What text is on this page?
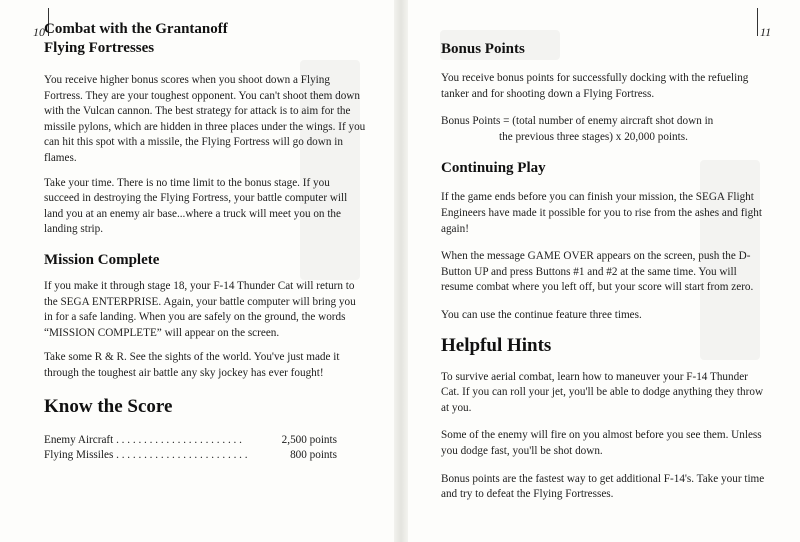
10	11
Combat with the Grantanoff
Flying Fortresses

You receive higher bonus scores when you shoot down a Flying Fortress. They are your toughest opponent. You can't shoot them down with the Vulcan cannon. The best strategy for attack is to aim for the missile pylons, which are hidden in three places under the wings. If you can hit this spot with a missile, the Flying Fortress will go down in flames.

Take your time. There is no time limit to the bonus stage. If you succeed in destroying the Flying Fortress, your battle computer will land you at an enemy air base...where a truck will meet you on the landing strip.

Mission Complete

If you make it through stage 18, your F-14 Thunder Cat will return to the SEGA ENTERPRISE. Again, your battle computer will bring you in for a safe landing. When you are safely on the ground, the words “MISSION COMPLETE” will appear on the screen.

Take some R & R. See the sights of the world. You've just made it through the toughest air battle any sky jockey has ever fought!

Know the Score
Enemy Aircraft . . . . . . . . . . . . . . . . . . . . . . .	2,500 points
Flying Missiles . . . . . . . . . . . . . . . . . . . . . . . .	800 points
Bonus Points

You receive bonus points for successfully docking with the refueling tanker and for shooting down a Flying Fortress.

Bonus Points = (total number of enemy aircraft shot down in

the previous three stages) x 20,000 points.

Continuing Play

If the game ends before you can finish your mission, the SEGA Flight Engineers have made it possible for you to rise from the ashes and fight again!

When the message GAME OVER appears on the screen, push the D-Button UP and press Buttons #1 and #2 at the same time. You will resume combat where you left off, but your score will start from zero.

You can use the continue feature three times.

Helpful Hints

To survive aerial combat, learn how to maneuver your F-14 Thunder Cat. If you can roll your jet, you'll be able to dodge anything they throw at you.

Some of the enemy will fire on you almost before you see them. Unless you dodge fast, you'll be shot down.

Bonus points are the fastest way to get additional F-14's. Take your time and try to defeat the Flying Fortresses.
